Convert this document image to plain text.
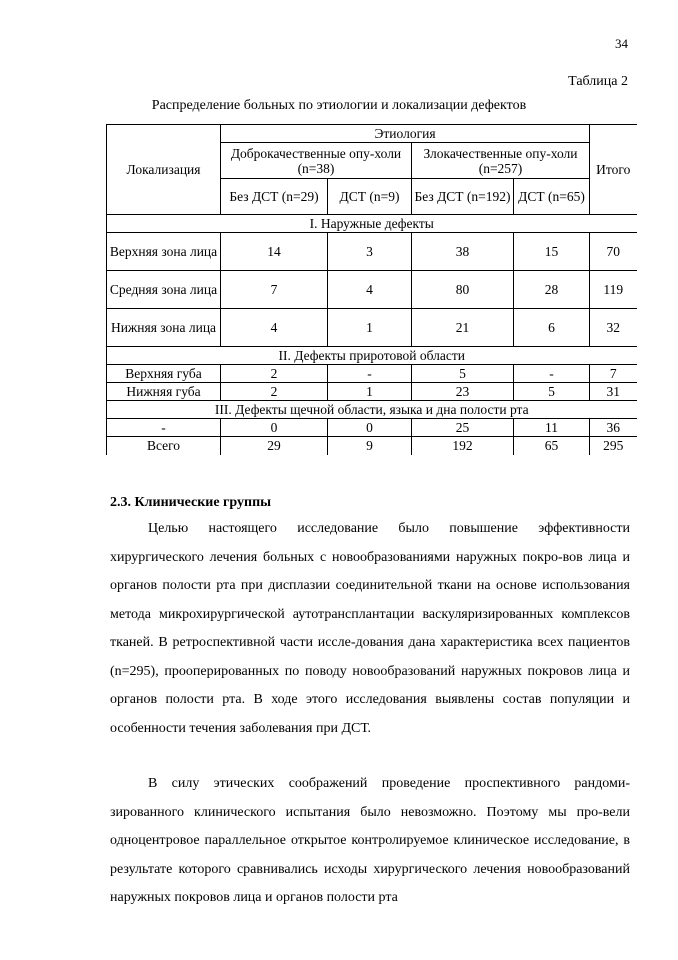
34
Таблица 2
Распределение больных по этиологии и локализации дефектов
Локализация	Этиология				Итого
	Доброкачественные опу-холи (n=38)		Злокачественные опу-холи (n=257)		
	Без ДСТ (n=29)	ДСТ (n=9)	Без ДСТ (n=192)	ДСТ (n=65)	
I. Наружные дефекты					
Верхняя зона лица	14	3	38	15	70
Средняя зона лица	7	4	80	28	119
Нижняя зона лица	4	1	21	6	32
II. Дефекты приротовой области					
Верхняя губа	2	-	5	-	7
Нижняя губа	2	1	23	5	31
III. Дефекты щечной области, языка и дна полости рта					
-	0	0	25	11	36
Всего	29	9	192	65	295
2.3. Клинические группы

Целью настоящего исследование было повышение эффективности хирургического лечения больных с новообразованиями наружных покро-вов лица и органов полости рта при дисплазии соединительной ткани на основе использования метода микрохирургической аутотрансплантации васкуляризированных комплексов тканей. В ретроспективной части иссле-дования дана характеристика всех пациентов (n=295), прооперированных по поводу новообразований наружных покровов лица и органов полости рта. В ходе этого исследования выявлены состав популяции и особенности течения заболевания при ДСТ.

В силу этических соображений проведение проспективного рандоми-зированного клинического испытания было невозможно. Поэтому мы про-вели одноцентровое параллельное открытое контролируемое клиническое исследование, в результате которого сравнивались исходы хирургического лечения новообразований наружных покровов лица и органов полости рта
